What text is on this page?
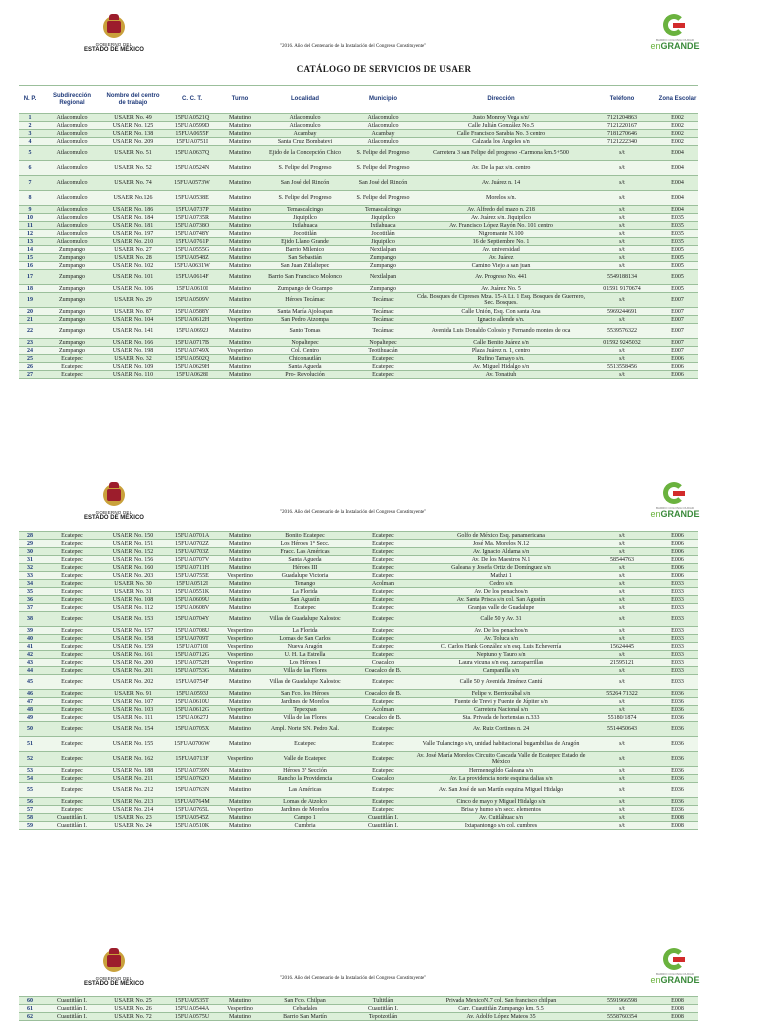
GOBIERNO DEL
ESTADO DE MÉXICO
"2016. Año del Centenario de la Instalación del Congreso Constituyente"
BARRIO COLONIA CIUDAD
enGRANDE
CATÁLOGO DE SERVICIOS DE USAER
N. P.	Subdirección Regional	Nombre del centro de trabajo	C. C. T.	Turno	Localidad	Municipio	Dirección	Teléfono	Zona Escolar
1	Atlacomulco	USAER No. 49	15FUA0521Q	Matutino	Atlacomulco	Atlacomulco	Justo Monroy Vega s/n/	7121204863	E002
2	Atlacomulco	USAER No. 125	15FUA0599D	Matutino	Atlacomulco	Atlacomulco	Calle Julián González No.5	7121220167	E002
3	Atlacomulco	USAER No. 138	15FUA0655F	Matutino	Acambay	Acambay	Calle Francisco Sarabia No. 3 centro	7181270646	E002
4	Atlacomulco	USAER No. 209	15FUA0751I	Matutino	Santa Cruz Bombatevi	Atlacomulco	Calzada los Ángeles s/n	7121222340	E002
5	Atlacomulco	USAER No. 51	15FUA0637Q	Matutino	Ejido de la Concepción Chico	S. Felipe del Progreso	Carretera 3 san Felipe del progreso -Carmona km.5+500	s/t	E004
6	Atlacomulco	USAER No. 52	15FUA0524N	Matutino	S. Felipe del Progreso	S. Felipe del Progreso	Av. De la paz s/n. centro	s/t	E004
7	Atlacomulco	USAER No. 74	15FUA0573W	Matutino	San José del Rincón	San José del Rincón	Av. Juárez n. 14	s/t	E004
8	Atlacomulco	USAER No.126	15FUA0538E	Matutino	S. Felipe del Progreso	S. Felipe del Progreso	Morelos s/n.	s/t	E004
9	Atlacomulco	USAER No. 186	15FUA0737P	Matutino	Temascalcingo	Temascalcingo	Av. Alfredo del mazo n. 218	s/t	E004
10	Atlacomulco	USAER No. 184	15FUA0735R	Matutino	Jiquipilco	Jiquipilco	Av. Juárez s/n. Jiquipilco	s/t	E035
11	Atlacomulco	USAER No. 181	15FUA0738O	Matutino	Ixtlahuaca	Ixtlahuaca	Av. Francisco López Rayón No. 101 centro	s/t	E035
12	Atlacomulco	USAER No. 197	15FUA0748Y	Matutino	Jocotitlán	Jocotitlán	Nigromante N.100	s/t	E035
13	Atlacomulco	USAER No. 210	15FUA0761P	Matutino	Ejido Llano Grande	Jiquipilco	16 de Septiembre No. 1	s/t	E035
14	Zumpango	USAER No. 27	15FUA0555G	Matutino	Barrio Milenico	Nextlalpan	Av. universidad	s/t	E005
15	Zumpango	USAER No. 28	15FUA0548Z	Matutino	San Sebastián	Zumpango	Av. Juárez	s/t	E005
16	Zumpango	USAER No. 102	15FUA0631W	Matutino	San Juan Zitlaltepec	Zumpango	Camino Viejo a san juan	s/t	E005
17	Zumpango	USAER No. 101	15FUA0614F	Matutino	Barrio San Francisco Molonco	Nextlalpan	Av. Progreso No. 441	5549188134	E005
18	Zumpango	USAER No. 106	15FUA0610I	Matutino	Zumpango de Ocampo	Zumpango	Av. Juárez No. 5	01591 9170674	E005
19	Zumpango	USAER No. 29	15FUA0509V	Matutino	Héroes Tecámac	Tecámac	Cda. Bosques de Cipreses Mza. 15-A Lt. 1 Esq. Bosques de Guerrero, Sec. Bosques.	s/t	E007
20	Zumpango	USAER No. 87	15FUA0588Y	Matutino	Santa María Ajoloapan	Tecámac	Calle Unión, Esq. Con santa Ana	5969244691	E007
21	Zumpango	USAER No. 104	15FUA0612H	Vespertino	San Pedro Atzompa	Tecámac	Ignacio allende s/n.	s/t	E007
22	Zumpango	USAER No. 141	15FUA0692J	Matutino	Santo Tomas	Tecámac	Avenida Luis Donaldo Colosio y Fernando montes de oca	5539576322	E007
23	Zumpango	USAER No. 166	15FUA0717B	Matutino	Nopaltepec	Nopaltepec	Calle Benito Juárez s/n	01592 9245032	E007
24	Zumpango	USAER No. 198	15FUA0749X	Vespertino	Col. Centro	Teotihuacán	Plaza Juárez n. 1, centro	s/t	E007
25	Ecatepec	USAER No. 32	15FUA0502Q	Matutino	Chiconautlán	Ecatepec	Rufino Tamayo s/n.	s/t	E006
26	Ecatepec	USAER No. 109	15FUA0629H	Matutino	Santa Agueda	Ecatepec	Av. Miguel Hidalgo s/n	5513558456	E006
27	Ecatepec	USAER No. 110	15FUA0628I	Matutino	Pro- Revolución	Ecatepec	Av. Tonatiuh	s/t	E006
GOBIERNO DEL
ESTADO DE MÉXICO
"2016. Año del Centenario de la Instalación del Congreso Constituyente"
BARRIO COLONIA CIUDAD
enGRANDE
28	Ecatepec	USAER No. 150	15FUA0701A	Matutino	Bonito Ecatepec	Ecatepec	Golfo de México Esq. panamericana	s/t	E006
29	Ecatepec	USAER No. 151	15FUA0702Z	Matutino	Los Héroes 1° Secc.	Ecatepec	José Ma. Morelos N.12	s/t	E006
30	Ecatepec	USAER No. 152	15FUA0703Z	Matutino	Fracc. Las Américas	Ecatepec	Av. Ignacio Aldama s/n	s/t	E006
31	Ecatepec	USAER No. 156	15FUA0707V	Matutino	Santa Agueda	Ecatepec	Av. De los Maestros N.1	58544763	E006
32	Ecatepec	USAER No. 160	15FUA0711H	Matutino	Héroes III	Ecatepec	Galeana y Josefa Ortiz de Domínguez s/n	s/t	E006
33	Ecatepec	USAER No. 203	15FUA0755E	Vespertino	Guadalupe Victoria	Ecatepec	Mathzi 1	s/t	E006
34	Ecatepec	USAER No. 30	15FUA0512I	Matutino	Tenango	Acolman	Cedro s/n	s/t	E033
35	Ecatepec	USAER No. 31	15FUA0551K	Matutino	La Florida	Ecatepec	Av. De los penachos/n	s/t	E033
36	Ecatepec	USAER No. 108	15FUA0609U	Matutino	San Agustín	Ecatepec	Av. Santa Prisca s/n col. San Agustín	s/t	E033
37	Ecatepec	USAER No. 112	15FUA0608V	Matutino	Ecatepec	Ecatepec	Granjas valle de Guadalupe	s/t	E033
38	Ecatepec	USAER No. 153	15FUA0704Y	Matutino	Villas de Guadalupe Xalostoc	Ecatepec	Calle 50 y Av. 31	s/t	E033
39	Ecatepec	USAER No. 157	15FUA0708U	Vespertino	La Florida	Ecatepec	Av. De los penachos/n	s/t	E033
40	Ecatepec	USAER No. 158	15FUA0709T	Vespertino	Lomas de San Carlos	Ecatepec	Av. Toluca s/n	s/t	E033
41	Ecatepec	USAER No. 159	15FUA0710I	Vespertino	Nueva Aragón	Ecatepec	C. Carlos Hank González s/n esq. Luis Echeverría	15624445	E033
42	Ecatepec	USAER No. 161	15FUA0712G	Vespertino	U. H. La Estrella	Ecatepec	Neptuno y Tauro s/n	s/t	E033
43	Ecatepec	USAER No. 200	15FUA0752H	Vespertino	Los Héroes I	Coacalco	Laura vicuna s/n esq. zarzaparrillas	21595121	E033
44	Ecatepec	USAER No. 201	15FUA0753G	Matutino	Villa de las Flores	Coacalco de B.	Campanilla s/n	s/t	E033
45	Ecatepec	USAER No. 202	15FUA0754F	Matutino	Villas de Guadalupe Xalostoc	Ecatepec	Calle 50 y Avenida Jiménez Cantú	s/t	E033
46	Ecatepec	USAER No. 91	15FUA0593J	Matutino	San Fco. los Héroes	Coacalco de B.	Felipe v. Berriozábal s/n	55264 71322	E036
47	Ecatepec	USAER No. 107	15FUA0610U	Matutino	Jardines de Morelos	Ecatepec	Fuente de Trevi y Fuente de Júpiter s/n	s/t	E036
48	Ecatepec	USAER No. 103	15FUA0612G	Vespertino	Tepexpan	Acolman	Carretera Nacional s/n	s/t	E036
49	Ecatepec	USAER No. 111	15FUA0627J	Matutino	Villa de las Flores	Coacalco de B.	Sta. Privada de hortensias n.333	55180/1874	E036
50	Ecatepec	USAER No. 154	15FUA0705X	Matutino	Ampl. Norte SN. Pedro Xal.	Ecatepec	Av. Ruiz Cortines n. 24	5514450643	E036
51	Ecatepec	USAER No. 155	15FUA0706W	Matutino	Ecatepec	Ecatepec	Valle Tulancingo s/n, unidad habitacional bugambilias de Aragón	s/t	E036
52	Ecatepec	USAER No. 162	15FUA0713F	Vespertino	Valle de Ecatepec	Ecatepec	Av. José María Morelos Circuito Cascada Valle de Ecatepec Estado de México	s/t	E036
53	Ecatepec	USAER No. 188	15FUA0739N	Matutino	Héroes 3ª Sección	Ecatepec	Hermenegildo Galeana s/n	s/t	E036
54	Ecatepec	USAER No. 211	15FUA0762O	Matutino	Rancho la Providencia	Coacalco	Av. La providencia norte esquina dalias s/n	s/t	E036
55	Ecatepec	USAER No. 212	15FUA0763N	Matutino	Las Américas	Ecatepec	Av. San José de san Martín esquina Miguel Hidalgo	s/t	E036
56	Ecatepec	USAER No. 213	15FUA0764M	Matutino	Lomas de Atzolco	Ecatepec	Cinco de mayo y Miguel Hidalgo s/n	s/t	E036
57	Ecatepec	USAER No. 214	15FUA0765L	Vespertino	Jardines de Morelos	Ecatepec	Brisa y humo s/n secc. elementos	s/t	E036
58	Cuautitlán I.	USAER No. 23	15FUA0545Z	Matutino	Campo 1	Cuautitlán I.	Av. Cuitláhuac s/n	s/t	E008
59	Cuautitlán I.	USAER No. 24	15FUA0510K	Matutino	Cumbria	Cuautitlán I.	Ixtapantongo s/n col. cumbres	s/t	E008
GOBIERNO DEL
ESTADO DE MÉXICO
"2016. Año del Centenario de la Instalación del Congreso Constituyente"
BARRIO COLONIA CIUDAD
enGRANDE
60	Cuautitlán I.	USAER No. 25	15FUA0535T	Matutino	San Fco. Chilpan	Tultitlán	Privada MexicoN.7 col. San francisco chilpan	5591966598	E008
61	Cuautitlán I.	USAER No. 26	15FUA0544A	Vespertino	Cebadales	Cuautitlán I.	Carr. Cuautitlán Zumpango km. 5.5	s/t	E008
62	Cuautitlán I.	USAER No. 72	15FUA0575U	Matutino	Barrio San Martín	Tepotzotlán	Av. Adolfo López Mateos 35	5558760354	E008
